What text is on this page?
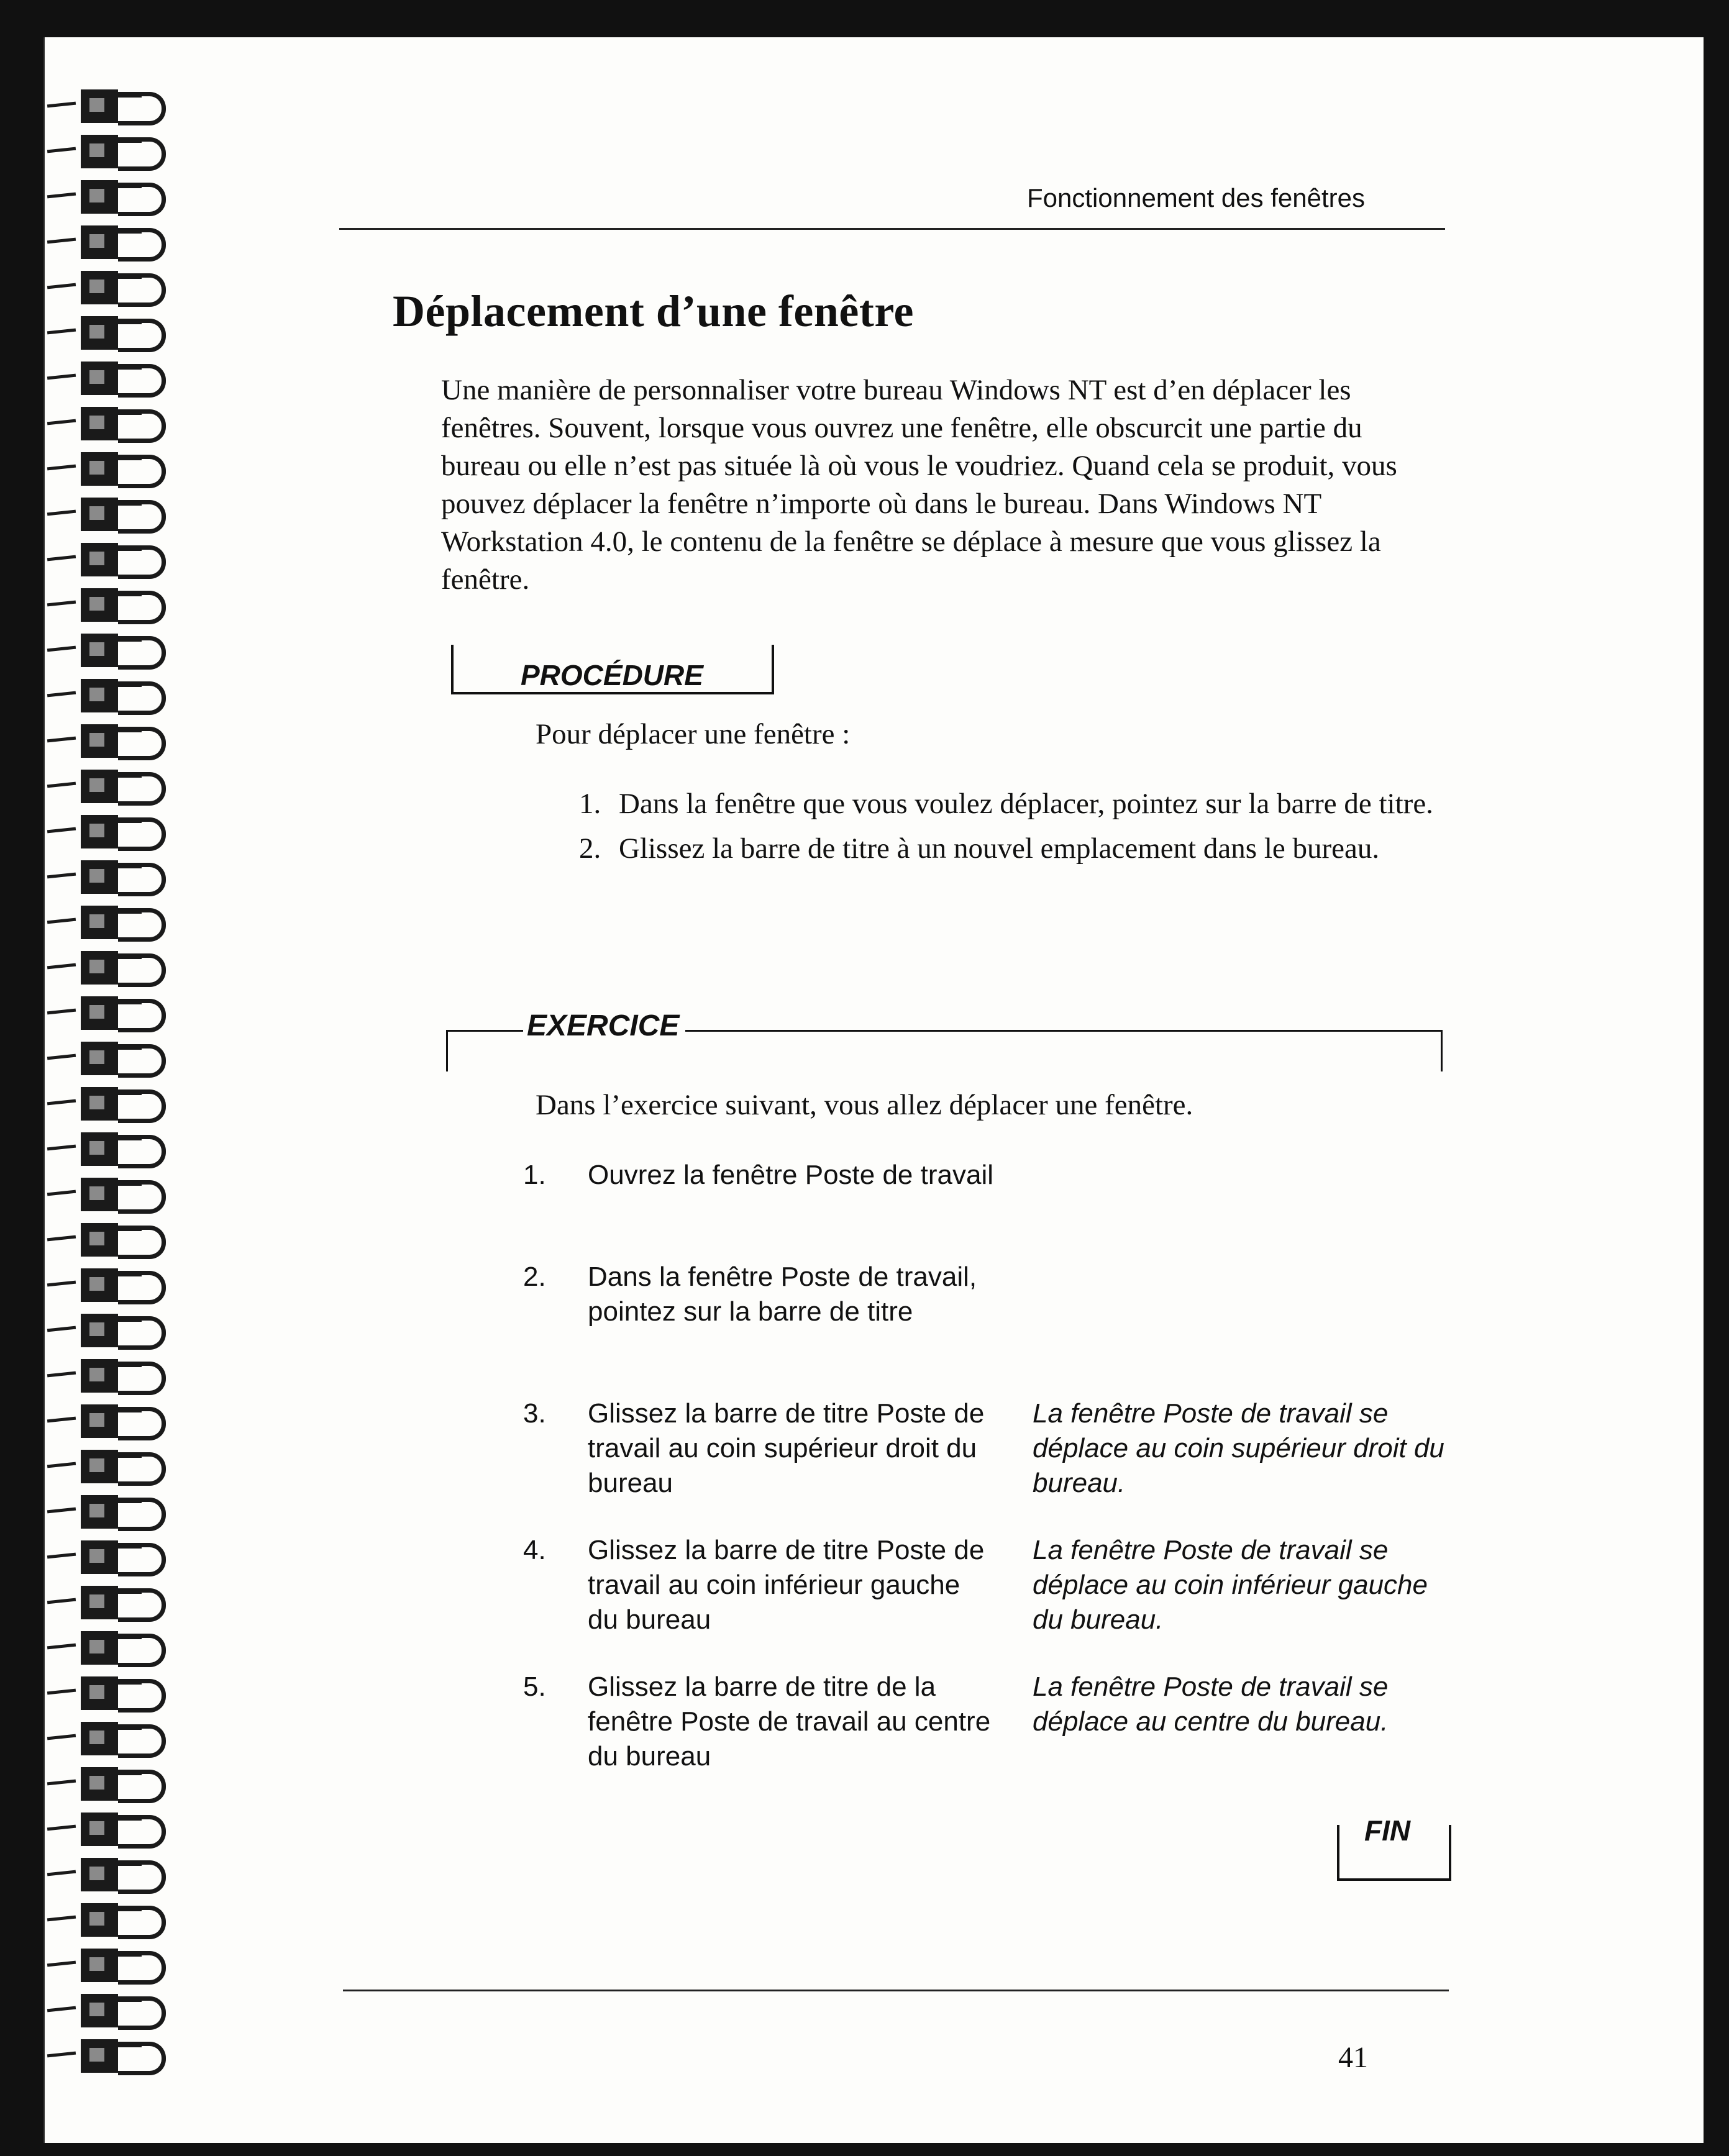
Fonctionnement des fenêtres
Déplacement d’une fenêtre

Une manière de personnaliser votre bureau Windows NT est d’en déplacer les fenêtres. Souvent, lorsque vous ouvrez une fenêtre, elle obscurcit une partie du bureau ou elle n’est pas située là où vous le voudriez. Quand cela se produit, vous pouvez déplacer la fenêtre n’importe où dans le bureau. Dans Windows NT Workstation 4.0, le contenu de la fenêtre se déplace à mesure que vous glissez la fenêtre.

PROCÉDURE

Pour déplacer une fenêtre :

1. Dans la fenêtre que vous voulez déplacer, pointez sur la barre de titre.
2. Glissez la barre de titre à un nouvel emplacement dans le bureau.
EXERCICE

Dans l’exercice suivant, vous allez déplacer une fenêtre.

1. Ouvrez la fenêtre Poste de travail
2. Dans la fenêtre Poste de travail, pointez sur la barre de titre
3. Glissez la barre de titre Poste de travail au coin supérieur droit du bureau
La fenêtre Poste de travail se déplace au coin supérieur droit du bureau.
4. Glissez la barre de titre Poste de travail au coin inférieur gauche du bureau
La fenêtre Poste de travail se déplace au coin inférieur gauche du bureau.
5. Glissez la barre de titre de la fenêtre Poste de travail au centre du bureau
La fenêtre Poste de travail se déplace au centre du bureau.
FIN
41
